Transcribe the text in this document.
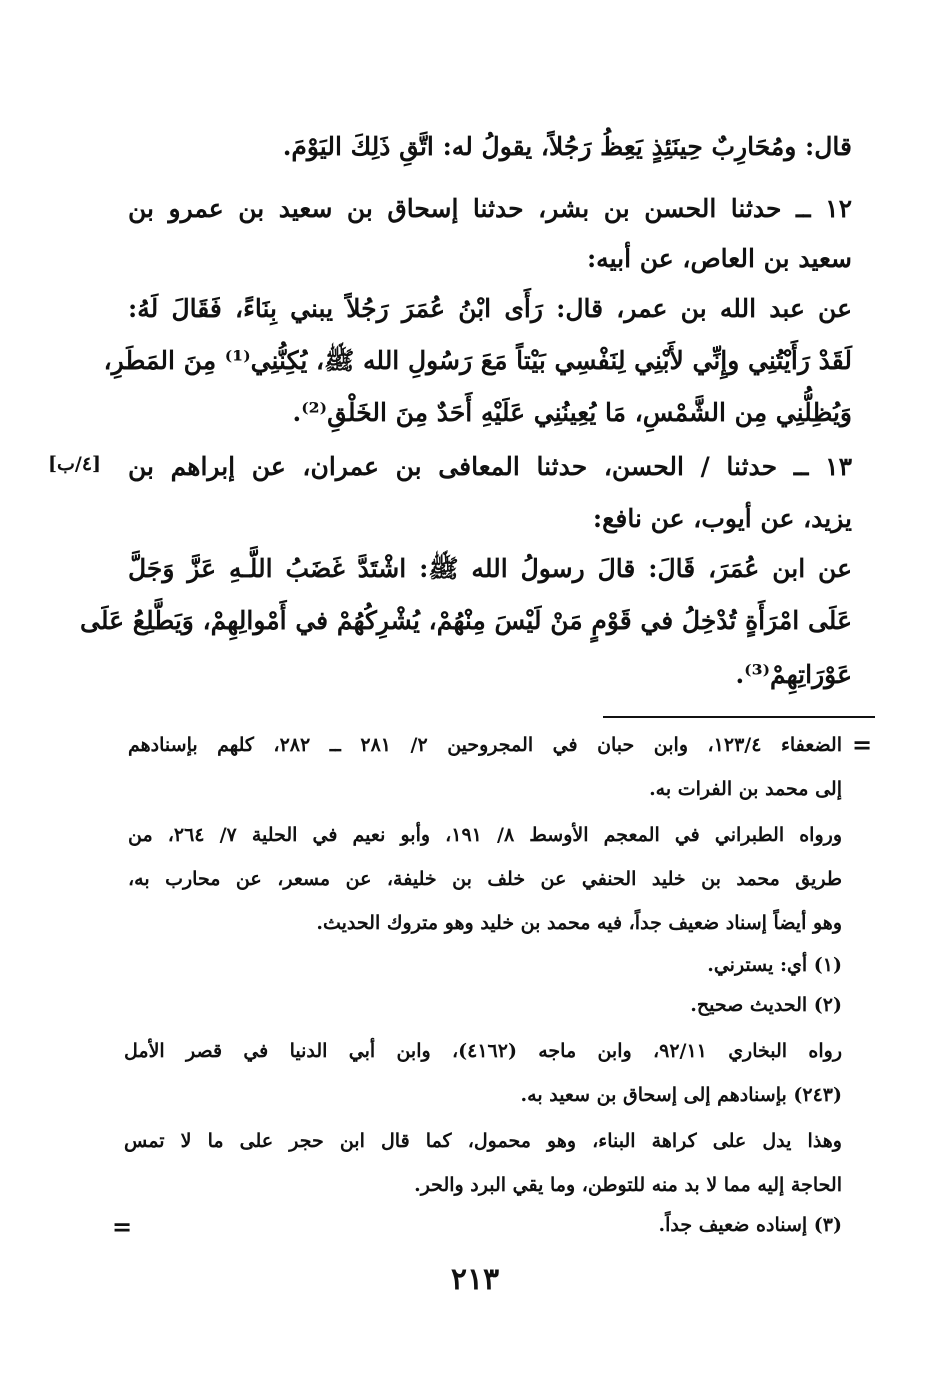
قال: ومُحَارِبٌ حِينَئِذٍ يَعِظُ رَجُلاً، يقولُ له: اتَّقِ ذَلِكَ اليَوْمَ.
١٢ ــ حدثنا الحسن بن بشر، حدثنا إسحاق بن سعيد بن عمرو بن
سعيد بن العاص، عن أبيه:
عن عبد الله بن عمر، قال: رَأَى ابْنُ عُمَرَ رَجُلاً يبني بِنَاءً، فَقَالَ لَهُ:
لَقَدْ رَأَيْتُنِي وإِنِّي لأَبْنِي لِنَفْسِي بَيْتاً مَعَ رَسُولِ الله ﷺ، يُكِنُّنِي⁽¹⁾ مِنَ المَطَرِ،
وَيُظِلُّنِي مِن الشَّمْسِ، مَا يُعِينُنِي عَلَيْهِ أَحَدٌ مِنَ الخَلْقِ⁽²⁾.
[٤/ب] ١٣ ــ حدثنا / الحسن، حدثنا المعافى بن عمران، عن إبراهم بن
يزيد، عن أيوب، عن نافع:
عن ابن عُمَرَ، قَالَ: قالَ رسولُ الله ﷺ: اشْتَدَّ غَضَبُ اللَّـهِ عَزَّ وَجَلَّ
عَلَى امْرَأَةٍ تُدْخِلُ في قَوْمٍ مَنْ لَيْسَ مِنْهُمْ، يُشْرِكُهُمْ في أَمْوالِهِمْ، وَيَطَّلِعُ عَلَى
عَوْرَاتِهِمْ⁽³⁾.
=
الضعفاء ١٢٣/٤، وابن حبان في المجروحين ٢/ ٢٨١ ــ ٢٨٢، كلهم بإسنادهم
إلى محمد بن الفرات به.
ورواه الطبراني في المعجم الأوسط ٨/ ١٩١، وأبو نعيم في الحلية ٧/ ٢٦٤، من
طريق محمد بن خليد الحنفي عن خلف بن خليفة، عن مسعر، عن محارب به،
وهو أيضاً إسناد ضعيف جداً، فيه محمد بن خليد وهو متروك الحديث.
(١) أي: يسترني.
(٢) الحديث صحيح.
رواه البخاري ٩٢/١١، وابن ماجه (٤١٦٢)، وابن أبي الدنيا في قصر الأمل
(٢٤٣) بإسنادهم إلى إسحاق بن سعيد به.
وهذا يدل على كراهة البناء، وهو محمول، كما قال ابن حجر على ما لا تمس
الحاجة إليه مما لا بد منه للتوطن، وما يقي البرد والحر.
(٣) إسناده ضعيف جداً.
=
٢١٣
